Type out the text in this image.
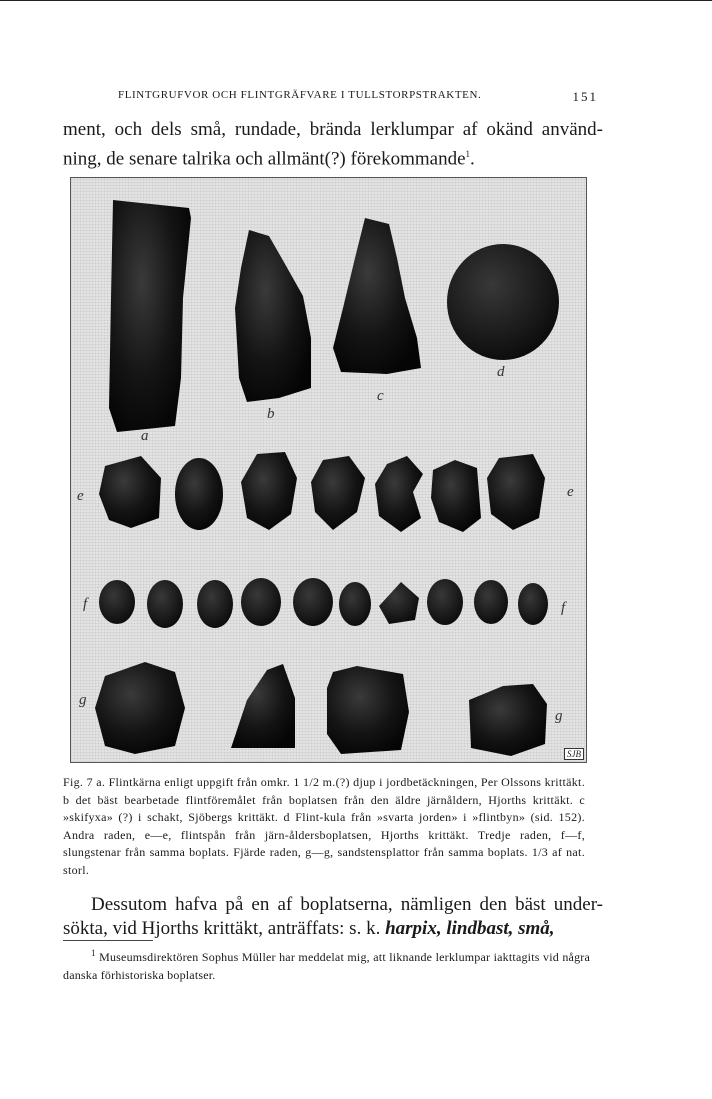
FLINTGRUFVOR OCH FLINTGRÄFVARE I TULLSTORPSTRAKTEN.	151
ment, och dels små, rundade, brända lerklumpar af okänd använd-ning, de senare talrika och allmänt(?) förekommande$^1$.
a
b
c
d
e	e
f	f
g
g
SJB
Fig. 7 a. Flintkärna enligt uppgift från omkr. 1 1/2 m.(?) djup i jordbetäckningen, Per Olssons krittäkt. b det bäst bearbetade flintföremålet från boplatsen från den äldre järnåldern, Hjorths krittäkt. c »skifyxa» (?) i schakt, Sjöbergs krittäkt. d Flint-kula från »svarta jorden» i »flintbyn» (sid. 152). Andra raden, e—e, flintspån från järn-åldersboplatsen, Hjorths krittäkt. Tredje raden, f—f, slungstenar från samma boplats. Fjärde raden, g—g, sandstensplattor från samma boplats. 1/3 af nat. storl.
Dessutom hafva på en af boplatserna, nämligen den bäst under-sökta, vid Hjorths krittäkt, anträffats: s. k. harpix, lindbast, små,
$^1$ Museumsdirektören Sophus Müller har meddelat mig, att liknande lerklumpar iakttagits vid några danska förhistoriska boplatser.
